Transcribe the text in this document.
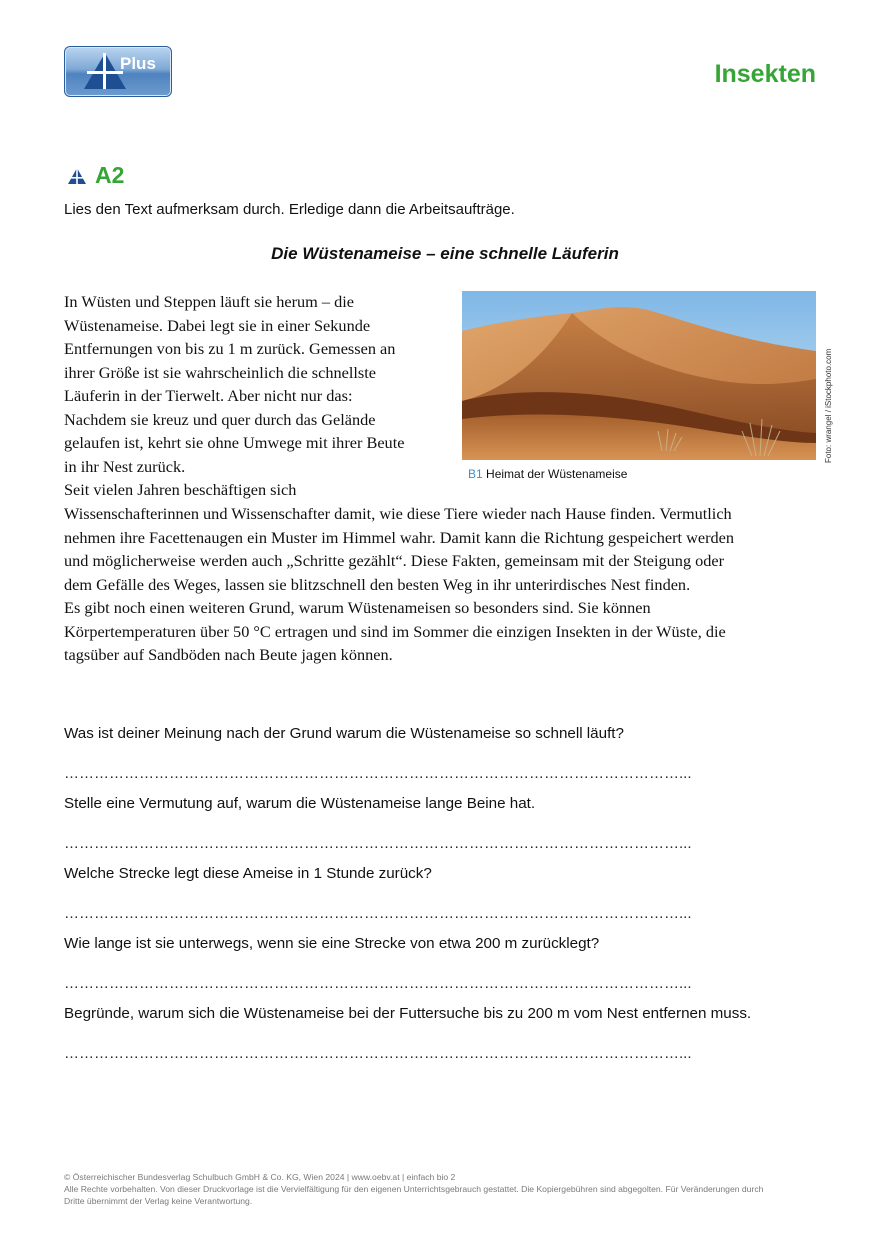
Plus	Insekten
A2
Lies den Text aufmerksam durch. Erledige dann die Arbeitsaufträge.
Die Wüstenameise – eine schnelle Läuferin
Foto: wrangel / iStockphoto.com
B1 Heimat der Wüstenameise
In Wüsten und Steppen läuft sie herum – die
Wüstenameise. Dabei legt sie in einer Sekunde
Entfernungen von bis zu 1 m zurück. Gemessen an
ihrer Größe ist sie wahrscheinlich die schnellste
Läuferin in der Tierwelt. Aber nicht nur das:
Nachdem sie kreuz und quer durch das Gelände
gelaufen ist, kehrt sie ohne Umwege mit ihrer Beute
in ihr Nest zurück.
Seit vielen Jahren beschäftigen sich
Wissenschafterinnen und Wissenschafter damit, wie diese Tiere wieder nach Hause finden. Vermutlich
nehmen ihre Facettenaugen ein Muster im Himmel wahr. Damit kann die Richtung gespeichert werden
und möglicherweise werden auch „Schritte gezählt“. Diese Fakten, gemeinsam mit der Steigung oder
dem Gefälle des Weges, lassen sie blitzschnell den besten Weg in ihr unterirdisches Nest finden.
Es gibt noch einen weiteren Grund, warum Wüstenameisen so besonders sind. Sie können
Körpertemperaturen über 50 °C ertragen und sind im Sommer die einzigen Insekten in der Wüste, die
tagsüber auf Sandböden nach Beute jagen können.
Was ist deiner Meinung nach der Grund warum die Wüstenameise so schnell läuft?
……………………………………………………………………………………………………………...
Stelle eine Vermutung auf, warum die Wüstenameise lange Beine hat.
……………………………………………………………………………………………………………...
Welche Strecke legt diese Ameise in 1 Stunde zurück?
……………………………………………………………………………………………………………...
Wie lange ist sie unterwegs, wenn sie eine Strecke von etwa 200 m zurücklegt?
……………………………………………………………………………………………………………...
Begründe, warum sich die Wüstenameise bei der Futtersuche bis zu 200 m vom Nest entfernen muss.
……………………………………………………………………………………………………………...
© Österreichischer Bundesverlag Schulbuch GmbH & Co. KG, Wien 2024 | www.oebv.at | einfach bio 2
Alle Rechte vorbehalten. Von dieser Druckvorlage ist die Vervielfältigung für den eigenen Unterrichtsgebrauch gestattet. Die Kopiergebühren sind abgegolten. Für Veränderungen durch
Dritte übernimmt der Verlag keine Verantwortung.
